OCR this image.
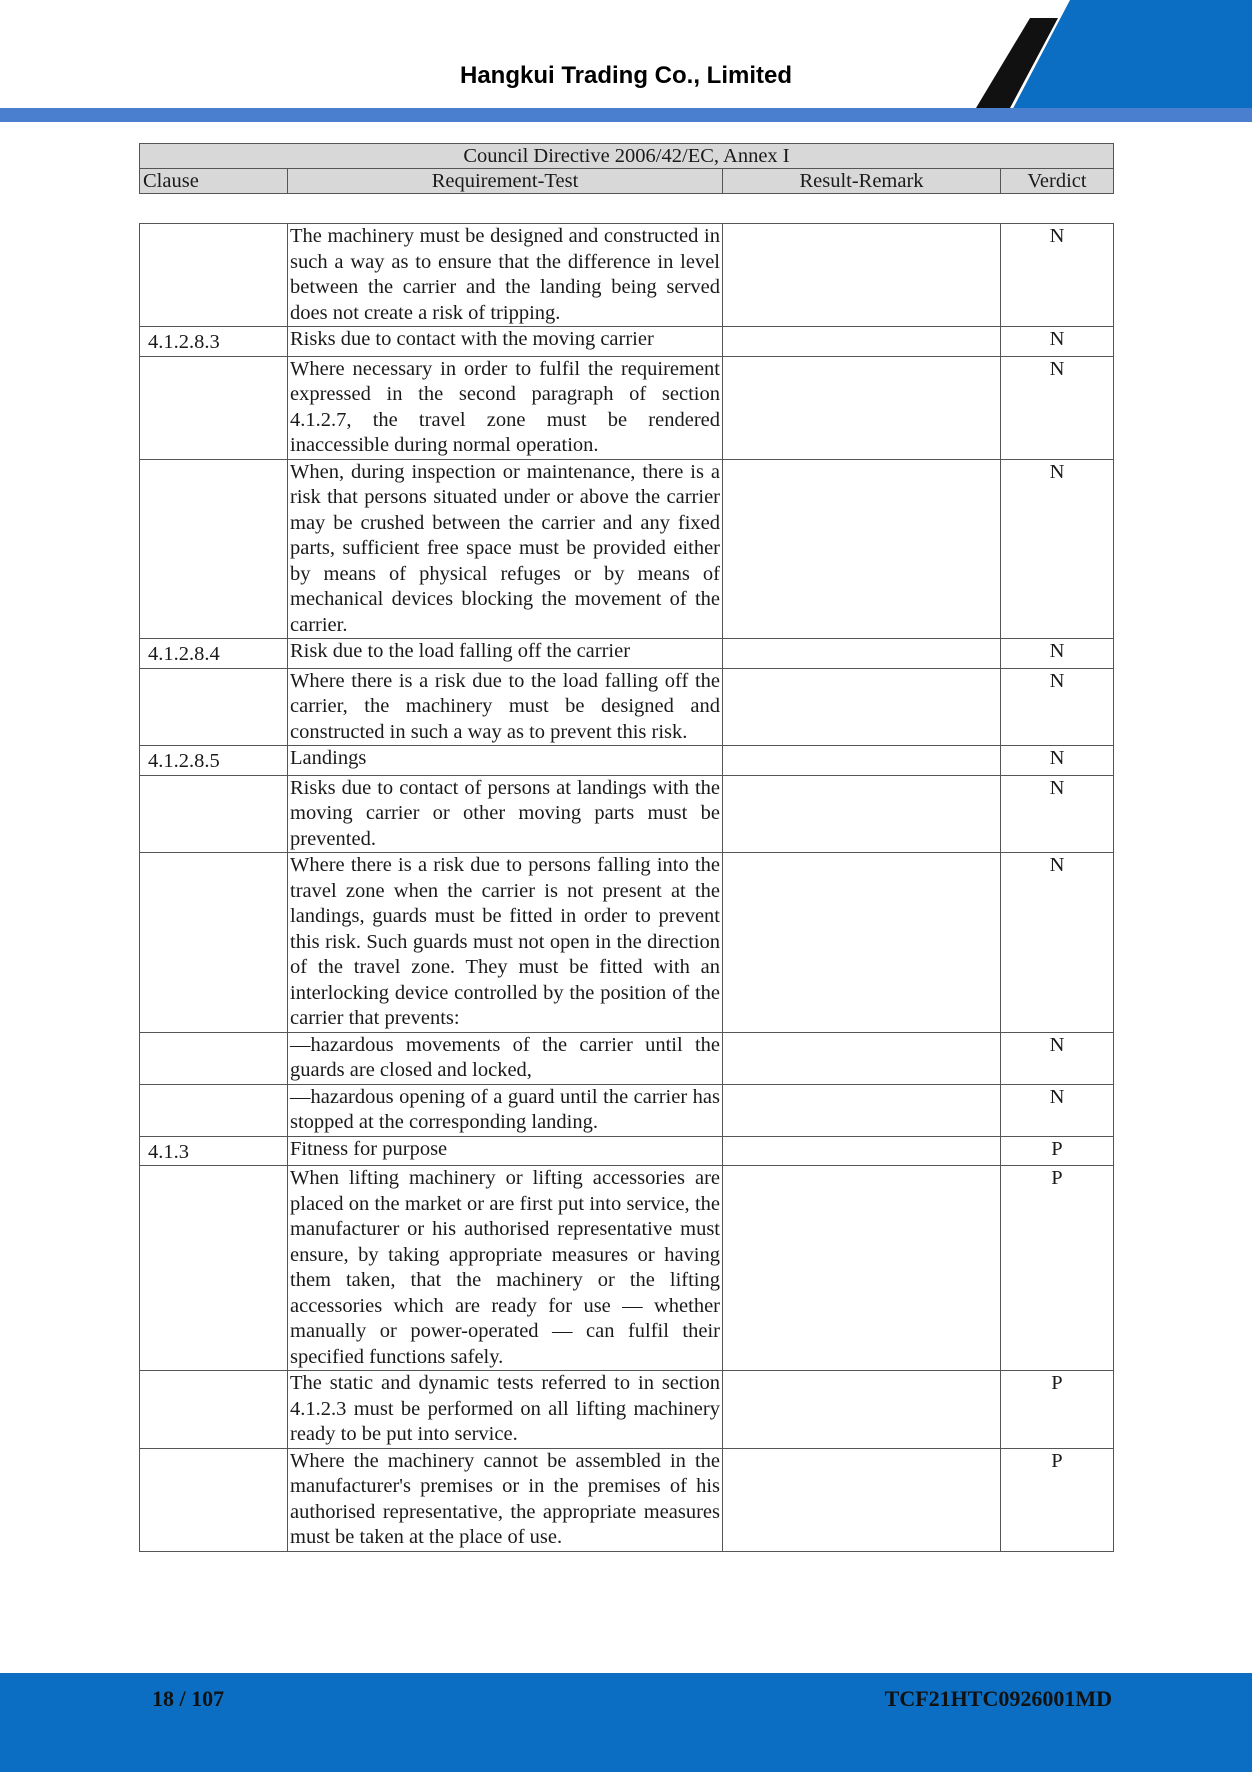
Hangkui Trading Co., Limited
Council Directive 2006/42/EC, Annex I
Clause	Requirement-Test	Result-Remark	Verdict
	The machinery must be designed and constructed in such a way as to ensure that the difference in level between the carrier and the landing being served does not create a risk of tripping.		N
4.1.2.8.3	Risks due to contact with the moving carrier		N
	Where necessary in order to fulfil the requirement expressed in the second paragraph of section 4.1.2.7, the travel zone must be rendered inaccessible during normal operation.		N
	When, during inspection or maintenance, there is a risk that persons situated under or above the carrier may be crushed between the carrier and any fixed parts, sufficient free space must be provided either by means of physical refuges or by means of mechanical devices blocking the movement of the carrier.		N
4.1.2.8.4	Risk due to the load falling off the carrier		N
	Where there is a risk due to the load falling off the carrier, the machinery must be designed and constructed in such a way as to prevent this risk.		N
4.1.2.8.5	Landings		N
	Risks due to contact of persons at landings with the moving carrier or other moving parts must be prevented.		N
	Where there is a risk due to persons falling into the travel zone when the carrier is not present at the landings, guards must be fitted in order to prevent this risk. Such guards must not open in the direction of the travel zone. They must be fitted with an interlocking device controlled by the position of the carrier that prevents:		N
	—hazardous movements of the carrier until the guards are closed and locked,		N
	—hazardous opening of a guard until the carrier has stopped at the corresponding landing.		N
4.1.3	Fitness for purpose		P
	When lifting machinery or lifting accessories are placed on the market or are first put into service, the manufacturer or his authorised representative must ensure, by taking appropriate measures or having them taken, that the machinery or the lifting accessories which are ready for use — whether manually or power-operated — can fulfil their specified functions safely.		P
	The static and dynamic tests referred to in section 4.1.2.3 must be performed on all lifting machinery ready to be put into service.		P
	Where the machinery cannot be assembled in the manufacturer's premises or in the premises of his authorised representative, the appropriate measures must be taken at the place of use.		P
18 / 107	TCF21HTC0926001MD
